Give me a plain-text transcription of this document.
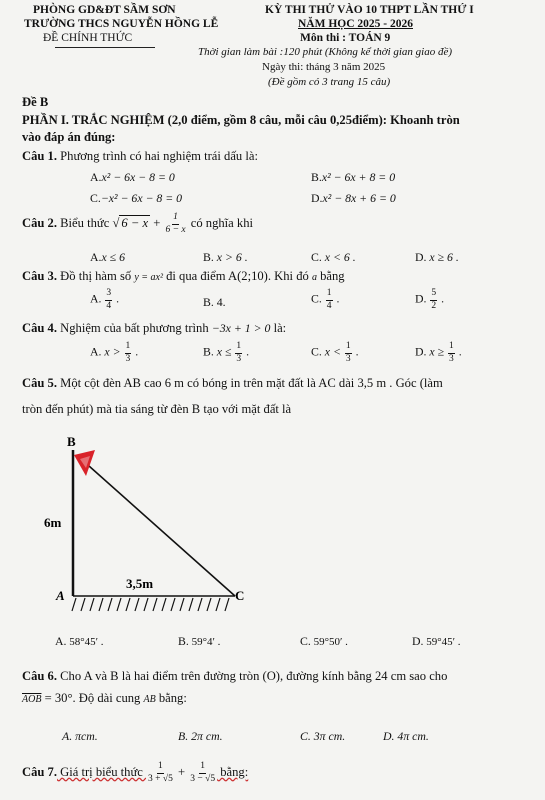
PHÒNG GD&ĐT SẦM SƠN
TRƯỜNG THCS NGUYỄN HỒNG LỄ
ĐỀ CHÍNH THỨC
KỲ THI THỬ VÀO 10 THPT LẦN THỨ I
NĂM HỌC 2025 - 2026
Môn thi : TOÁN 9
Thời gian làm bài :120 phút (Không kể thời gian giao đề)
Ngày thi: tháng 3 năm 2025
(Đề gồm có 3 trang 15 câu)
Đề B
PHẦN I. TRẮC NGHIỆM (2,0 điểm, gồm 8 câu, mỗi câu 0,25điểm): Khoanh tròn
vào đáp án đúng:
Câu 1. Phương trình có hai nghiệm trái dấu là:
A.x² − 6x − 8 = 0	B.x² − 6x + 8 = 0
C.−x² − 6x − 8 = 0	D.x² − 8x + 6 = 0
Câu 2. Biểu thức √ $6 - x + \frac{1}{6 - x}$ có nghĩa khi
A.x ≤ 6	B. x > 6 .	C. x < 6 .	D. x ≥ 6 .
Câu 3. Đồ thị hàm số y = ax² đi qua điểm A(2;10). Khi đó a bằng
A. $\frac{3}{4}$ .	B. 4.	C. $\frac{1}{4}$ .	D. $\frac{5}{2}$ .
Câu 4. Nghiệm của bất phương trình −3x + 1 > 0 là:
A. $x > \frac{1}{3}$ .	B. $x \le \frac{1}{3}$ .	C. $x < \frac{1}{3}$ .	D. $x \ge \frac{1}{3}$ .
Câu 5. Một cột đèn AB cao 6 m có bóng in trên mặt đất là AC dài 3,5 m . Góc (làm
tròn đến phút) mà tia sáng từ đèn B tạo với mặt đất là
B
6m
3,5m
A	C
A. 58°45′ .	B. 59°4′ .	C. 59°50′ .	D. 59°45′ .
Câu 6. Cho A và B là hai điểm trên đường tròn (O), đường kính bằng 24 cm sao cho
$\overline{AOB} = 30^\circ$. Độ dài cung AB bằng:
A. πcm.	B. 2π cm.	C. 3π cm.	D. 4π cm.
Câu 7. Giá trị biểu thức $\frac{1}{3 + √5} + \frac{1}{3 - √5}$ bằng:
